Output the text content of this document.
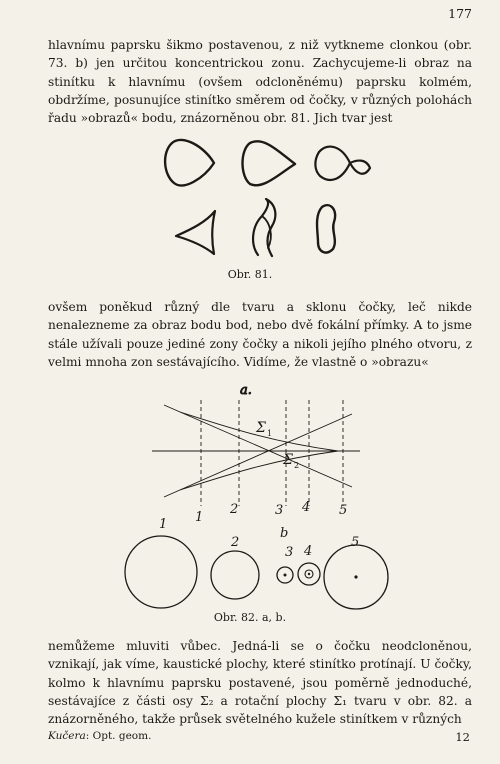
177

hlavnímu paprsku šikmo postavenou, z niž vytkneme clonkou (obr. 73. b) jen určitou koncentrickou zonu. Zachycujeme-li obraz na stinítku k hlavnímu (ovšem odcloněnému) paprsku kolmém, obdržíme, posunujíce stinítko směrem od čočky, v různých polohách řadu »obrazů« bodu, znázorněnou obr. 81. Jich tvar jest

a.
Σ 1
Σ 2
1
2	3 4 5
b
1
2
3 4
5
Obr. 81.

ovšem poněkud různý dle tvaru a sklonu čočky, leč nikde nenalezneme za obraz bodu bod, nebo dvě fokální přímky. A to jsme stále užívali pouze jediné zony čočky a nikoli jejího plného otvoru, z velmi mnoha zon sestávajícího. Vidíme, že vlastně o »obrazu«

Obr. 82. a, b.

nemůžeme mluviti vůbec. Jedná-li se o čočku neodcloněnou, vznikají, jak víme, kaustické plochy, které stinítko protínají. U čočky, kolmo k hlavnímu paprsku postavené, jsou poměrně jednoduché, sestávajíce z části osy Σ₂ a rotační plochy Σ₁ tvaru v obr. 82. a znázorněného, takže průsek světelného kužele stinítkem v různých

Kučera: Opt. geom.	12
